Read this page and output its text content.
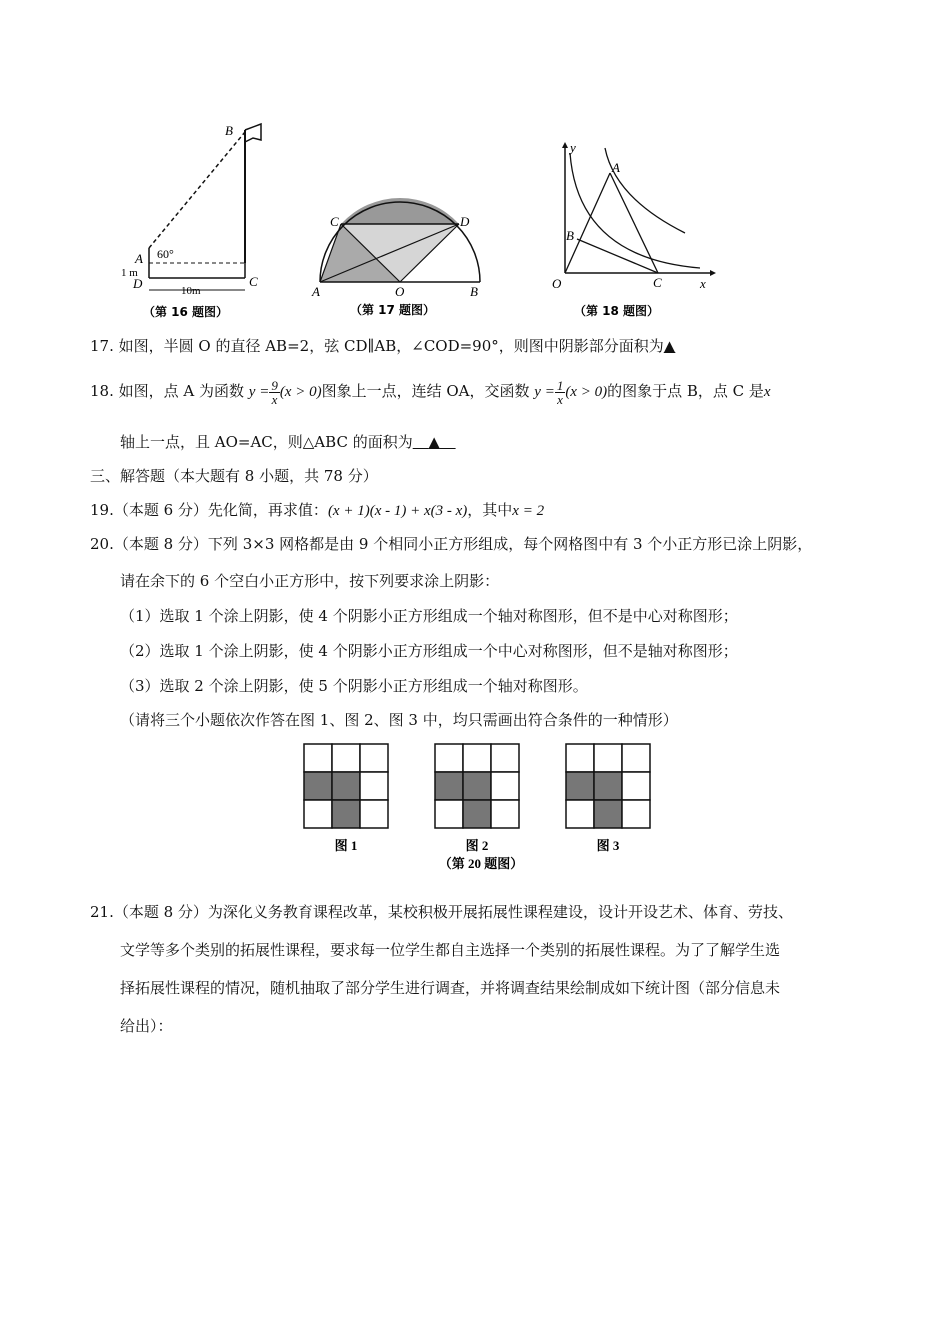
B
A
D	C
60°
1 m
10m
（第 16 题图）
C	D
A	O	B
（第 17 题图）
y
x
O
A
B
C
（第 18 题图）
17. 如图，半圆 O 的直径 AB=2，弦 CD∥AB，∠COD=90°，则图中阴影部分面积为▲
18. 如图，点 A 为函数 $y = \frac{9}{x} (x > 0)$图象上一点，连结 OA，交函数 $y = \frac{1}{x} (x > 0)$的图象于点 B，点 C 是x
轴上一点，且 AO=AC，则△ABC 的面积为 ▲
三、解答题（本大题有 8 小题，共 78 分）
19.（本题 6 分）先化简，再求值：(x + 1)(x - 1) + x(3 - x)，其中x = 2
20.（本题 8 分）下列 3×3 网格都是由 9 个相同小正方形组成，每个网格图中有 3 个小正方形已涂上阴影，
请在余下的 6 个空白小正方形中，按下列要求涂上阴影：
（1）选取 1 个涂上阴影，使 4 个阴影小正方形组成一个轴对称图形，但不是中心对称图形；
（2）选取 1 个涂上阴影，使 4 个阴影小正方形组成一个中心对称图形，但不是轴对称图形；
（3）选取 2 个涂上阴影，使 5 个阴影小正方形组成一个轴对称图形。
（请将三个小题依次作答在图 1、图 2、图 3 中，均只需画出符合条件的一种情形）
图 1	图 2	图 3
（第 20 题图）
21.（本题 8 分）为深化义务教育课程改革，某校积极开展拓展性课程建设，设计开设艺术、体育、劳技、
文学等多个类别的拓展性课程，要求每一位学生都自主选择一个类别的拓展性课程。为了了解学生选
择拓展性课程的情况，随机抽取了部分学生进行调查，并将调查结果绘制成如下统计图（部分信息未
给出）：
